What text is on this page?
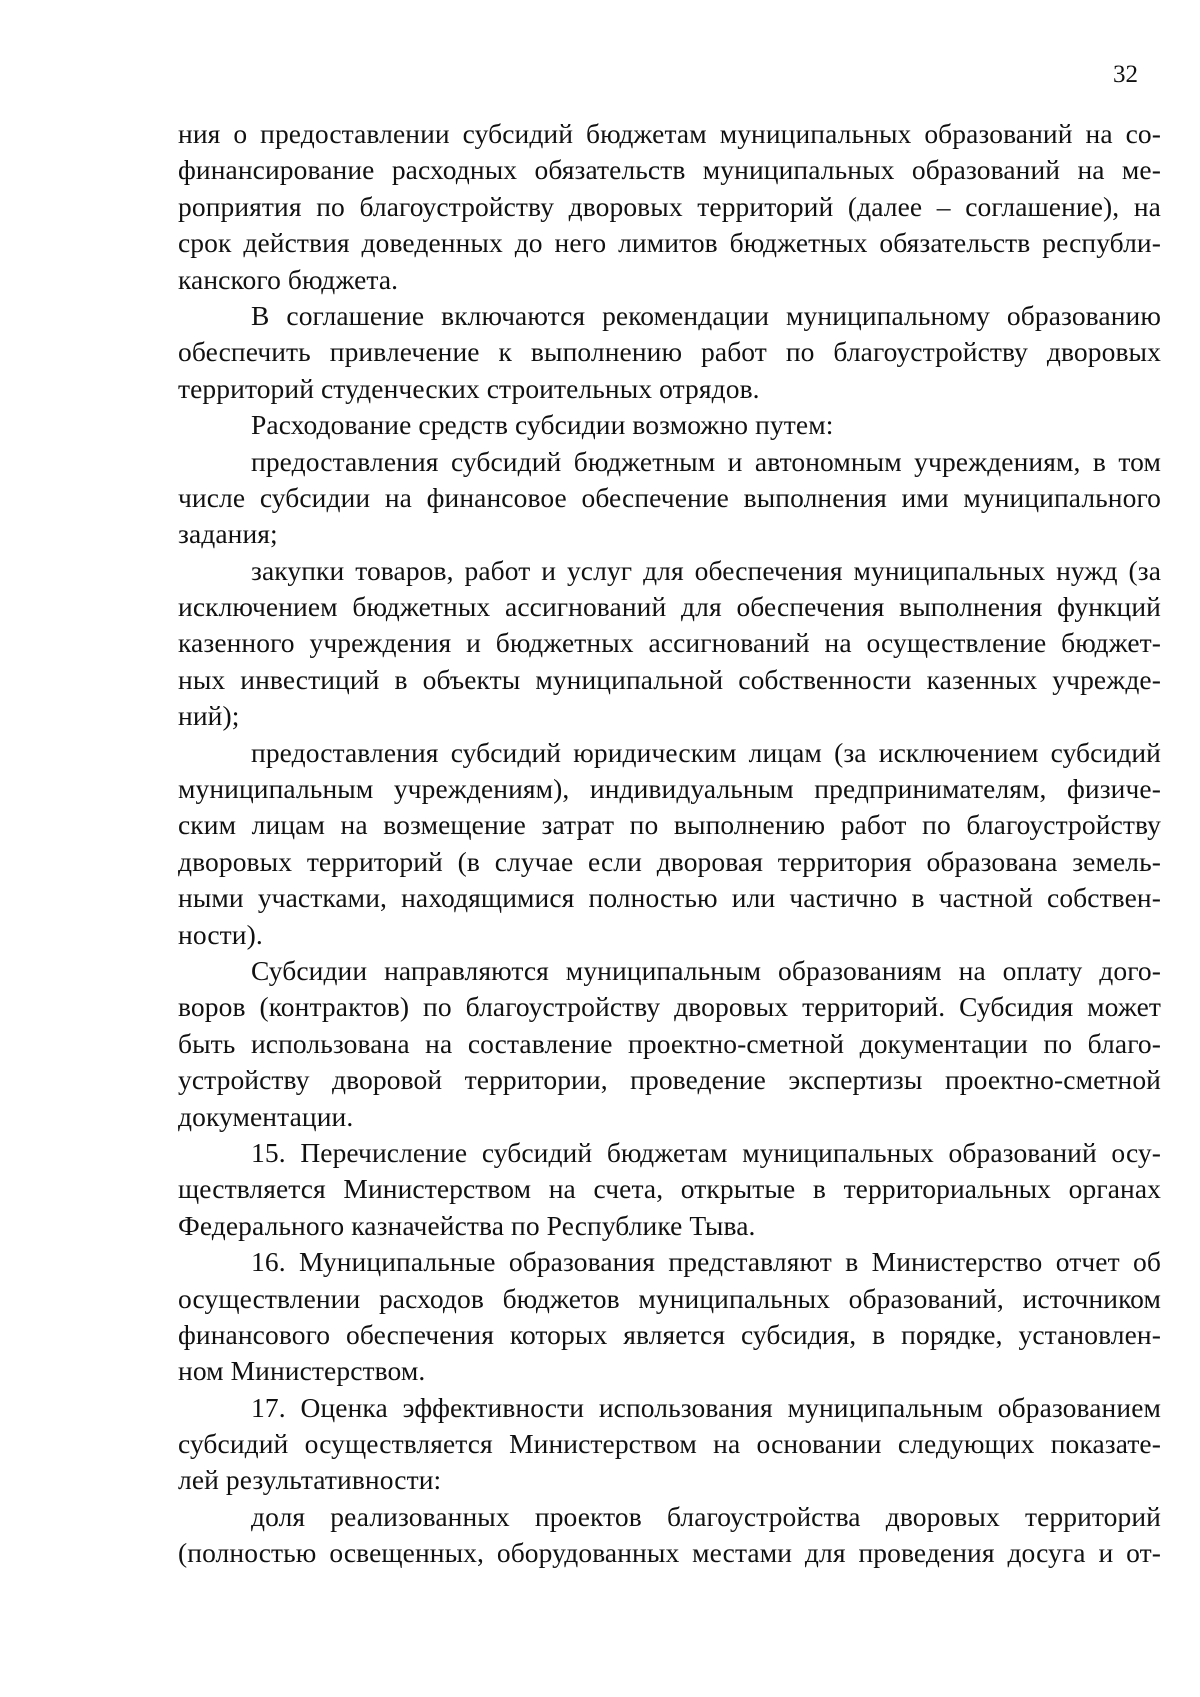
32
ния о предоставлении субсидий бюджетам муниципальных образований на со-
финансирование расходных обязательств муниципальных образований на ме-
роприятия по благоустройству дворовых территорий (далее – соглашение), на
срок действия доведенных до него лимитов бюджетных обязательств республи-
канского бюджета.
В соглашение включаются рекомендации муниципальному образованию
обеспечить привлечение к выполнению работ по благоустройству дворовых
территорий студенческих строительных отрядов.
Расходование средств субсидии возможно путем:
предоставления субсидий бюджетным и автономным учреждениям, в том
числе субсидии на финансовое обеспечение выполнения ими муниципального
задания;
закупки товаров, работ и услуг для обеспечения муниципальных нужд (за
исключением бюджетных ассигнований для обеспечения выполнения функций
казенного учреждения и бюджетных ассигнований на осуществление бюджет-
ных инвестиций в объекты муниципальной собственности казенных учрежде-
ний);
предоставления субсидий юридическим лицам (за исключением субсидий
муниципальным учреждениям), индивидуальным предпринимателям, физиче-
ским лицам на возмещение затрат по выполнению работ по благоустройству
дворовых территорий (в случае если дворовая территория образована земель-
ными участками, находящимися полностью или частично в частной собствен-
ности).
Субсидии направляются муниципальным образованиям на оплату дого-
воров (контрактов) по благоустройству дворовых территорий. Субсидия может
быть использована на составление проектно-сметной документации по благо-
устройству дворовой территории, проведение экспертизы проектно-сметной
документации.
15. Перечисление субсидий бюджетам муниципальных образований осу-
ществляется Министерством на счета, открытые в территориальных органах
Федерального казначейства по Республике Тыва.
16. Муниципальные образования представляют в Министерство отчет об
осуществлении расходов бюджетов муниципальных образований, источником
финансового обеспечения которых является субсидия, в порядке, установлен-
ном Министерством.
17. Оценка эффективности использования муниципальным образованием
субсидий осуществляется Министерством на основании следующих показате-
лей результативности:
доля реализованных проектов благоустройства дворовых территорий
(полностью освещенных, оборудованных местами для проведения досуга и от-
